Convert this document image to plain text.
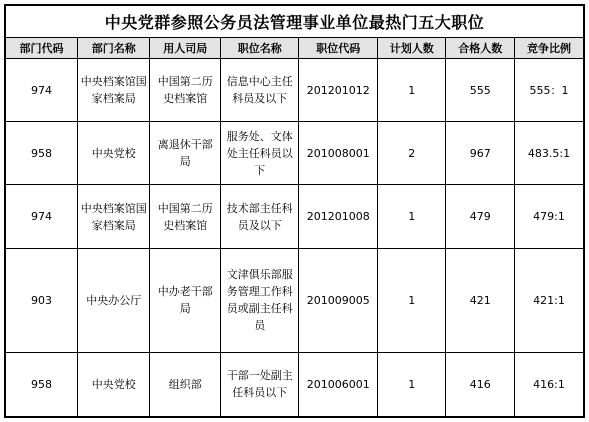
中央党群参照公务员法管理事业单位最热门五大职位							
部门代码	部门名称	用人司局	职位名称	职位代码	计划人数	合格人数	竞争比例
974	中央档案馆国家档案局	中国第二历史档案馆	信息中心主任科员及以下	201201012	1	555	555：1
958	中央党校	离退休干部局	服务处、文体处主任科员以下	201008001	2	967	483.5:1
974	中央档案馆国家档案局	中国第二历史档案馆	技术部主任科员及以下	201201008	1	479	479:1
903	中央办公厅	中办老干部局	文津俱乐部服务管理工作科员或副主任科员	201009005	1	421	421:1
958	中央党校	组织部	干部一处副主任科员以下	201006001	1	416	416:1
